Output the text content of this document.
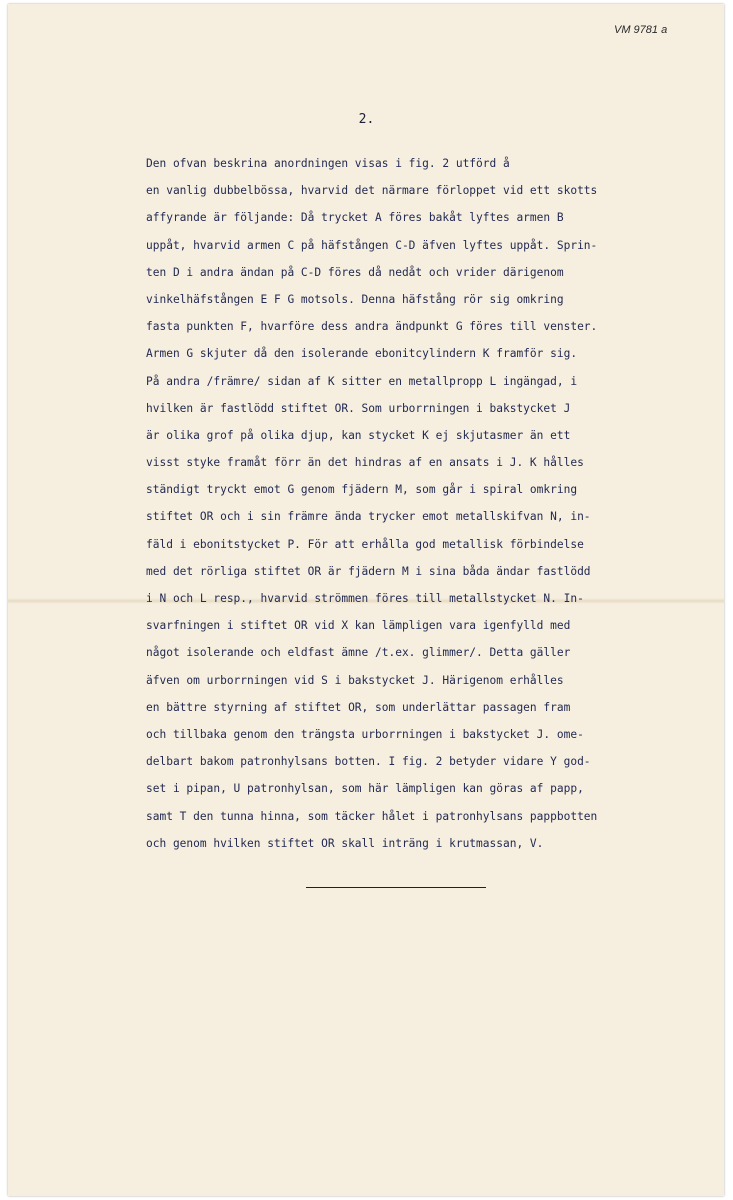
VM 9781 a
2.
Den ofvan beskrina anordningen visas i fig. 2 utförd å
en vanlig dubbelbössa, hvarvid det närmare förloppet vid ett skotts
affyrande är följande: Då trycket A föres bakåt lyftes armen B
uppåt, hvarvid armen C på häfstången C-D äfven lyftes uppåt. Sprin-
ten D i andra ändan på C-D föres då nedåt och vrider därigenom
vinkelhäfstången E F G motsols. Denna häfstång rör sig omkring
fasta punkten F, hvarföre dess andra ändpunkt G föres till venster.
Armen G skjuter då den isolerande ebonitcylindern K framför sig.
På andra /främre/ sidan af K sitter en metallpropp L ingängad, i
hvilken är fastlödd stiftet OR. Som urborrningen i bakstycket J
är olika grof på olika djup, kan stycket K ej skjutasmer än ett
visst styke framåt förr än det hindras af en ansats i J. K hålles
ständigt tryckt emot G genom fjädern M, som går i spiral omkring
stiftet OR och i sin främre ända trycker emot metallskifvan N, in-
fäld i ebonitstycket P. För att erhålla god metallisk förbindelse
med det rörliga stiftet OR är fjädern M i sina båda ändar fastlödd
i N och L resp., hvarvid strömmen föres till metallstycket N. In-
svarfningen i stiftet OR vid X kan lämpligen vara igenfylld med
något isolerande och eldfast ämne /t.ex. glimmer/. Detta gäller
äfven om urborrningen vid S i bakstycket J. Härigenom erhålles
en bättre styrning af stiftet OR, som underlättar passagen fram
och tillbaka genom den trängsta urborrningen i bakstycket J. ome-
delbart bakom patronhylsans botten. I fig. 2 betyder vidare Y god-
set i pipan, U patronhylsan, som här lämpligen kan göras af papp,
samt T den tunna hinna, som täcker hålet i patronhylsans pappbotten
och genom hvilken stiftet OR skall inträng i krutmassan, V.
